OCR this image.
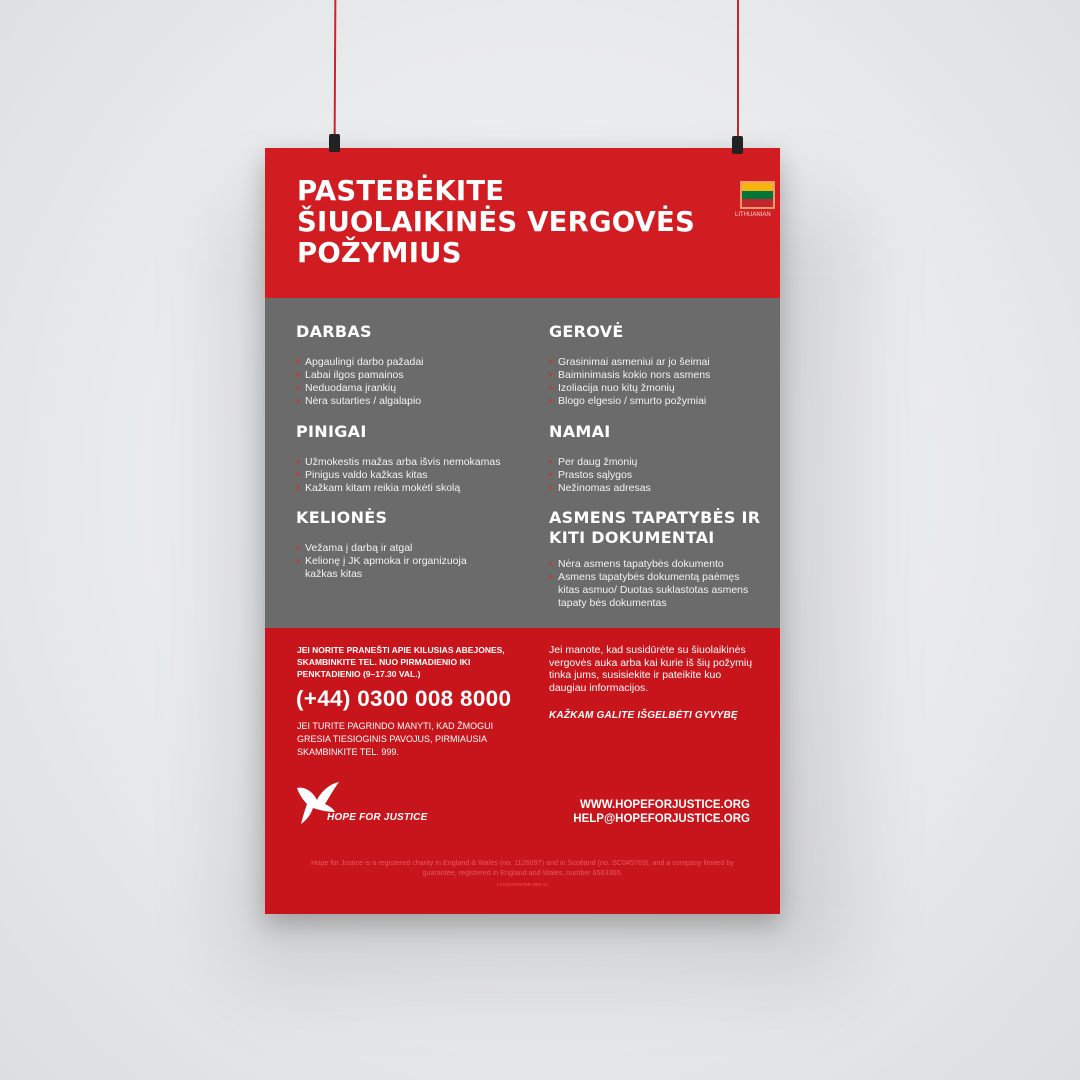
PASTEBĖKITE
ŠIUOLAIKINĖS VERGOVĖS
POŽYMIUS
LITHUANIAN
DARBAS
• Apgaulingi darbo pažadai
• Labai ilgos pamainos
• Neduodama įrankių
• Nėra sutarties / algalapio
GEROVĖ
• Grasinimai asmeniui ar jo šeimai
• Baiminimasis kokio nors asmens
• Izoliacija nuo kitų žmonių
• Blogo elgesio / smurto požymiai
PINIGAI
• Užmokestis mažas arba išvis nemokamas
• Pinigus valdo kažkas kitas
• Kažkam kitam reikia mokėti skolą
NAMAI
• Per daug žmonių
• Prastos sąlygos
• Nežinomas adresas
KELIONĖS
• Vežama į darbą ir atgal
• Kelionę į JK apmoka ir organizuoja kažkas kitas
ASMENS TAPATYBĖS IR KITI DOKUMENTAI
• Nėra asmens tapatybės dokumento
• Asmens tapatybės dokumentą paėmęs kitas asmuo/ Duotas suklastotas asmens tapaty bės dokumentas
JEI NORITE PRANEŠTI APIE KILUSIAS ABEJONES, SKAMBINKITE TEL. NUO PIRMADIENIO IKI PENKTADIENIO (9–17.30 VAL.)
(+44) 0300 008 8000
JEI TURITE PAGRINDO MANYTI, KAD ŽMOGUI GRESIA TIESIOGINIS PAVOJUS, PIRMIAUSIA SKAMBINKITE TEL. 999.
Jei manote, kad susidūrėte su šiuolaikinės vergovės auka arba kai kurie iš šių požymių tinka jums, susisiekite ir pateikite kuo daugiau informacijos.
KAŽKAM GALITE IŠGELBĖTI GYVYBĘ
HOPE FOR JUSTICE
WWW.HOPEFORJUSTICE.ORG
HELP@HOPEFORJUSTICE.ORG
Hope for Justice is a registered charity in England & Wales (no. 1126097) and in Scotland (no. SC045769), and a company limited by guarantee, registered in England and Wales, number 6563365.
LT-015-POSTER-SEP-21
